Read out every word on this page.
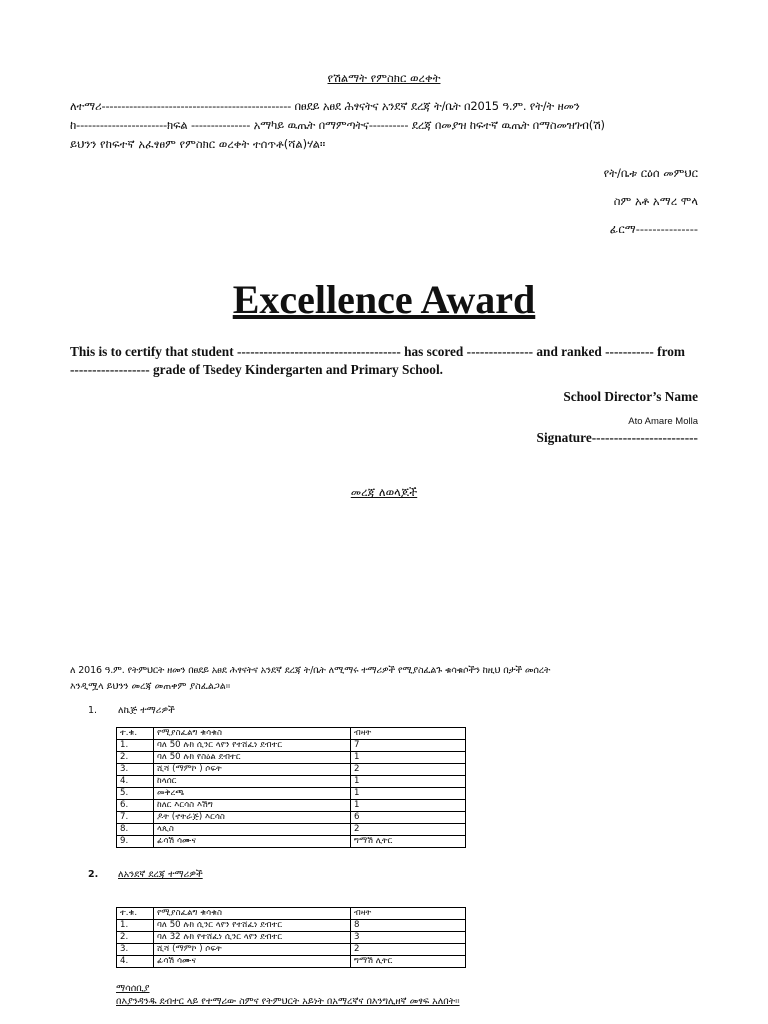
የሽልማት የምስክር ወረቀት
ለተማሪ------------------------------------------------ በፀደይ አፀደ ሕፃናትና አንደኛ ደረጃ ት/ቤት በ2015 ዓ.ም. የት/ት ዘመን
ከ-----------------------ክፍል --------------- አማካይ ዉጤት በማምጣትና---------- ደረጃ በመያዝ ከፍተኛ ዉጤት በማስመዝገብ(ሽ)
ይህንን የከፍተኛ አፈፃፀም የምስክር ወረቀት ተሰጥቶ(ሻል)ሃል።
የት/ቤቱ ርዕሰ መምህር
ስም አቶ አማረ ሞላ
ፊርማ---------------
Excellence Award
This is to certify that student ------------------------------------- has scored --------------- and ranked ----------- from
------------------ grade of Tsedey Kindergarten and Primary School.
School Director’s Name
Ato Amare Molla
Signature------------------------
መረጃ ለወላጆች
ለ 2016 ዓ.ም. የትምህርት ዘመን በፀደይ አፀደ ሕፃናትና አንደኛ ደረጃ ት/ቤት ለሚማሩ ተማሪዎች የሚያስፈልጉ ቁሳቁሶችን ከዚህ በታች መሰረት
እንዲሟላ ይህንን መረጃ መጠቀም ያስፈልጋል።
1. ለኬጅ ተማሪዎች
ተ.ቁ.	የሚያስፈልግ ቁሳቁስ	ብዛት
1.	ባለ 50 ሉክ ሲንር ላየን የተሸፈነ ደብተር	7
2.	ባለ 50 ሉክ የስዕል ደብተር	1
3.	ሺሻ (ማምኮ ) ሶፍት	2
4.	ከላሰር	1
5.	መቅረጫ	1
6.	ከለር እርሳስ እሽግ	1
7.	ዶት (ኖትራጅ) እርሳስ	6
8.	ላጲስ	2
9.	ፊሳሽ ሳሙና	ግማሽ ሊትር
2. ለአንደኛ ደረጃ ተማሪዎች
ተ.ቁ.	የሚያስፈልግ ቁሳቁስ	ብዛት
1.	ባለ 50 ሉክ ሲንር ላየን የተሸፈነ ደብተር	8
2.	ባለ 32 ሉክ የተሸፈነ ሲንር ላየን ደብተር	3
3.	ሺሻ (ማምኮ ) ሶፍት	2
4.	ፊሳሽ ሳሙና	ግማሽ ሊትር
ማሳሰቢያ
በእያንዳንዱ ደብተር ላይ የተማሪው ስምና የትምህርት አይነት በአማረኛና በእንግሊዘኛ መፃፍ አለበት።
